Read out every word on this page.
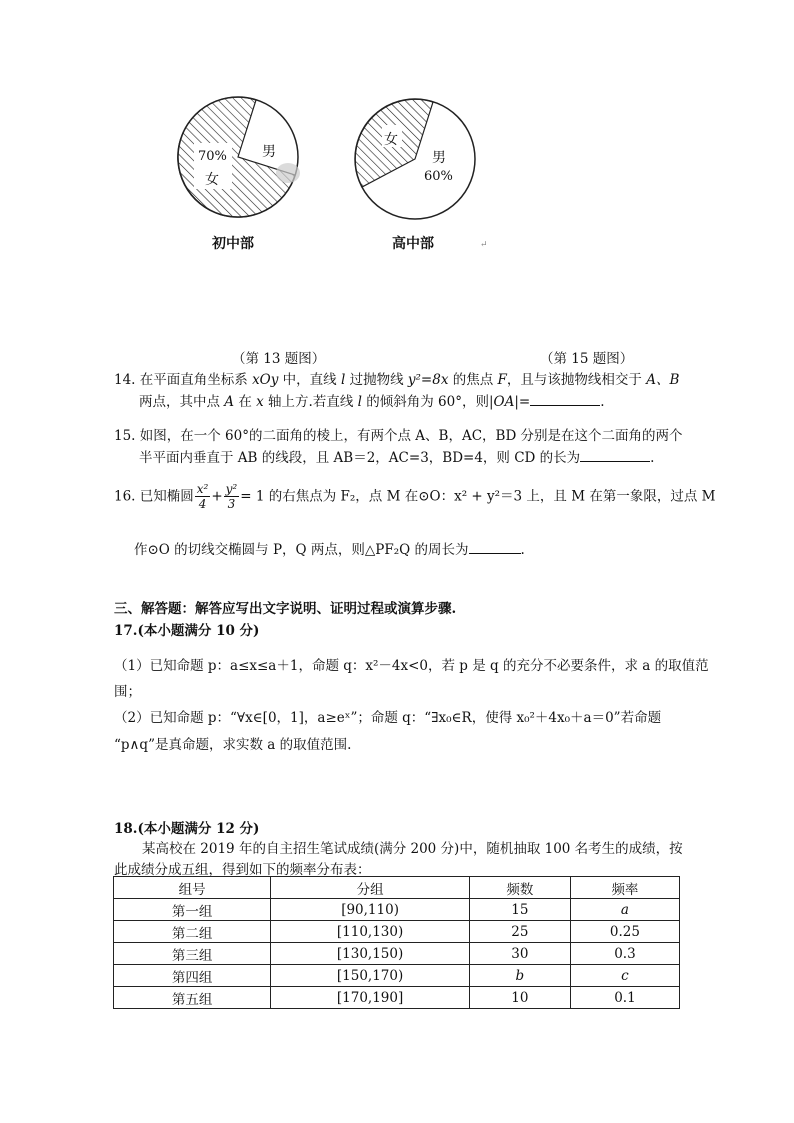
70%
女
男
初中部
女
男
60%
高中部	↵
（第 13 题图）	（第 15 题图）
14. 在平面直角坐标系 xOy 中，直线 l 过抛物线 y²=8x 的焦点 F，且与该抛物线相交于 A、B
两点，其中点 A 在 x 轴上方.若直线 l 的倾斜角为 60°，则|OA|=	.
15. 如图，在一个 60°的二面角的棱上，有两个点 A、B，AC，BD 分别是在这个二面角的两个
半平面内垂直于 AB 的线段，且 AB＝2，AC=3，BD=4，则 CD 的长为	.
16. 已知椭圆 $\frac{\text{x²}}{4} + \frac{\text{y²}}{3} = 1$ 的右焦点为 F₂，点 M 在⊙O：x² + y²＝3 上，且 M 在第一象限，过点 M
作⊙O 的切线交椭圆与 P，Q 两点，则△PF₂Q 的周长为	.
三、解答题：解答应写出文字说明、证明过程或演算步骤.
17.(本小题满分 10 分)
（1）已知命题 p：a≤x≤a＋1，命题 q：x²－4x<0，若 p 是 q 的充分不必要条件，求 a 的取值范
围；
（2）已知命题 p：“∀x∈[0，1]，a≥eˣ”；命题 q：“∃x₀∈R，使得 x₀²＋4x₀＋a＝0”若命题
“p∧q”是真命题，求实数 a 的取值范围.
18.(本小题满分 12 分)
某高校在 2019 年的自主招生笔试成绩(满分 200 分)中，随机抽取 100 名考生的成绩，按
此成绩分成五组，得到如下的频率分布表：
组号	分组	频数	频率
第一组	[90,110)	15	a
第二组	[110,130)	25	0.25
第三组	[130,150)	30	0.3
第四组	[150,170)	b	c
第五组	[170,190]	10	0.1
